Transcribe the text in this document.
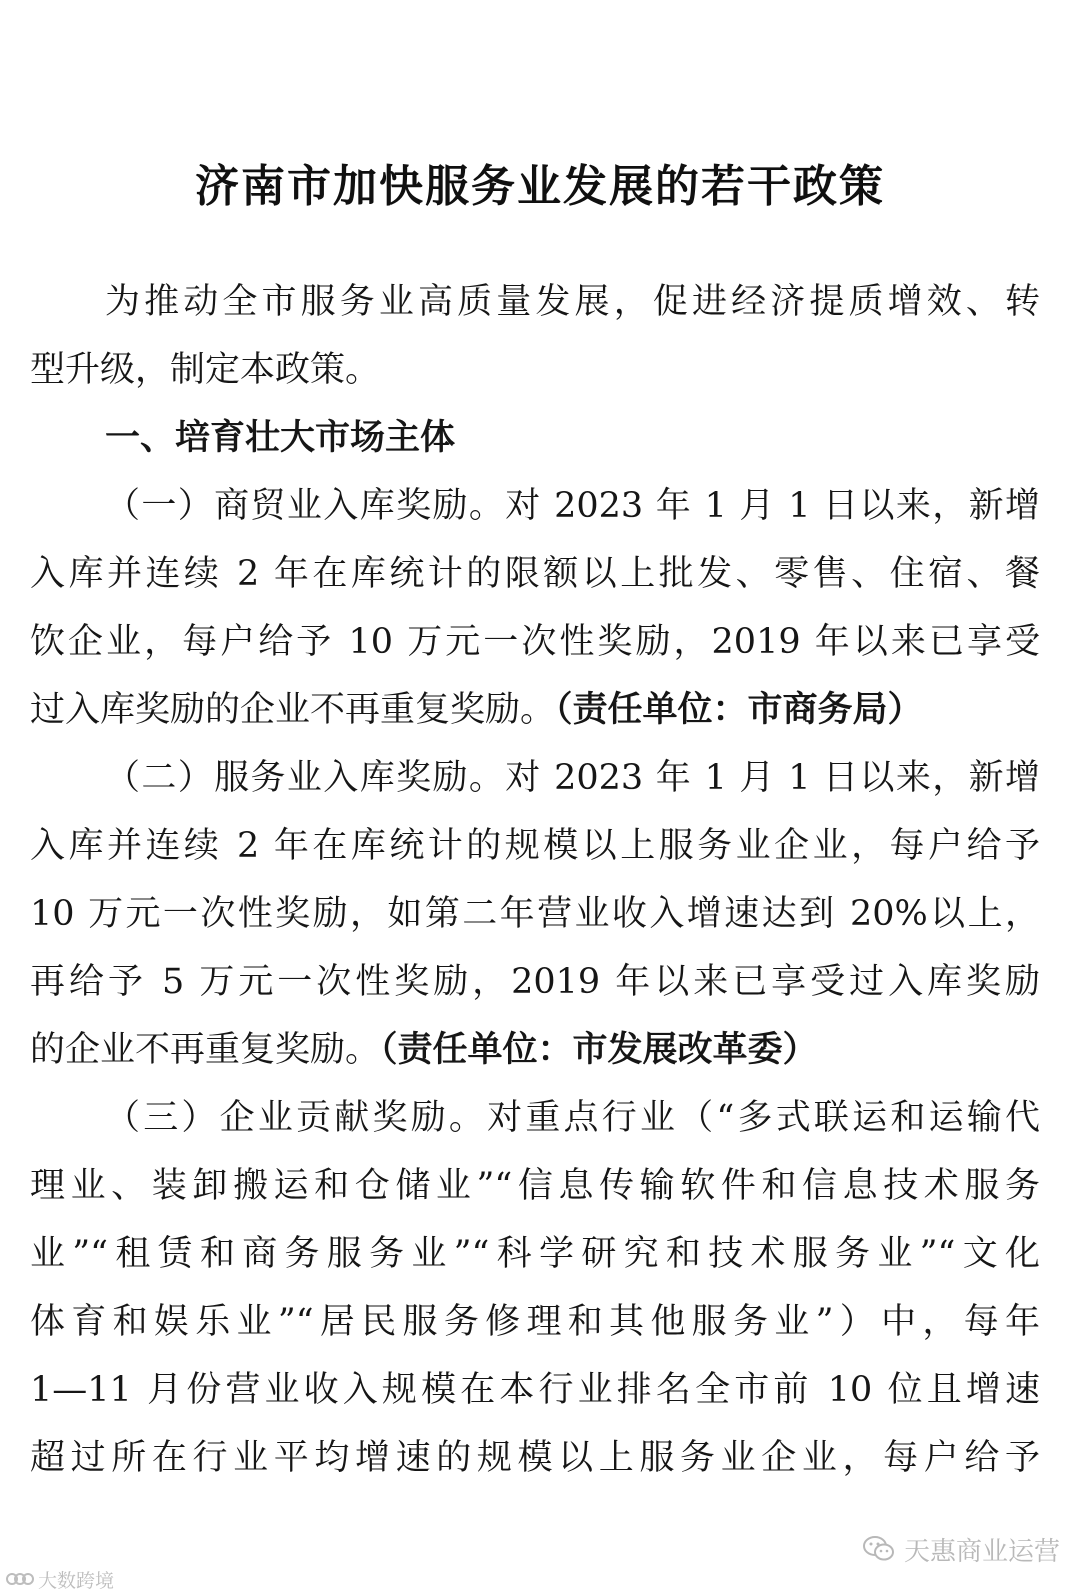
济南市加快服务业发展的若干政策
为推动全市服务业高质量发展，促进经济提质增效、转
型升级，制定本政策。
一、培育壮大市场主体
（一）商贸业入库奖励。对 2023 年 1 月 1 日以来，新增
入库并连续 2 年在库统计的限额以上批发、零售、住宿、餐
饮企业，每户给予 10 万元一次性奖励，2019 年以来已享受
过入库奖励的企业不再重复奖励。（责任单位：市商务局）
（二）服务业入库奖励。对 2023 年 1 月 1 日以来，新增
入库并连续 2 年在库统计的规模以上服务业企业，每户给予
10 万元一次性奖励，如第二年营业收入增速达到 20%以上，
再给予 5 万元一次性奖励，2019 年以来已享受过入库奖励
的企业不再重复奖励。（责任单位：市发展改革委）
（三）企业贡献奖励。对重点行业（“多式联运和运输代
理业、装卸搬运和仓储业”“信息传输软件和信息技术服务
业”“租赁和商务服务业”“科学研究和技术服务业”“文化
体育和娱乐业”“居民服务修理和其他服务业”）中，每年
1—11 月份营业收入规模在本行业排名全市前 10 位且增速
超过所在行业平均增速的规模以上服务业企业，每户给予
天惠商业运营
大数跨境
